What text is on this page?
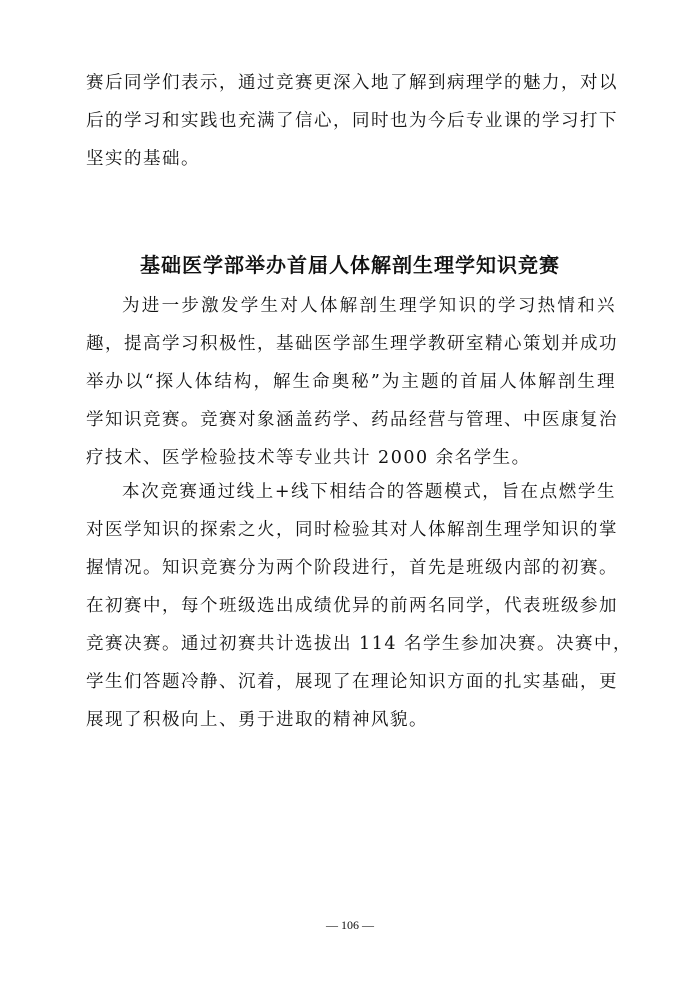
赛后同学们表示，通过竞赛更深入地了解到病理学的魅力，对以
后的学习和实践也充满了信心，同时也为今后专业课的学习打下
坚实的基础。
基础医学部举办首届人体解剖生理学知识竞赛
为进一步激发学生对人体解剖生理学知识的学习热情和兴
趣，提高学习积极性，基础医学部生理学教研室精心策划并成功
举办以“探人体结构，解生命奥秘”为主题的首届人体解剖生理
学知识竞赛。竞赛对象涵盖药学、药品经营与管理、中医康复治
疗技术、医学检验技术等专业共计 2000 余名学生。
本次竞赛通过线上+线下相结合的答题模式，旨在点燃学生
对医学知识的探索之火，同时检验其对人体解剖生理学知识的掌
握情况。知识竞赛分为两个阶段进行，首先是班级内部的初赛。
在初赛中，每个班级选出成绩优异的前两名同学，代表班级参加
竞赛决赛。通过初赛共计选拔出 114 名学生参加决赛。决赛中，
学生们答题冷静、沉着，展现了在理论知识方面的扎实基础，更
展现了积极向上、勇于进取的精神风貌。
— 106 —
